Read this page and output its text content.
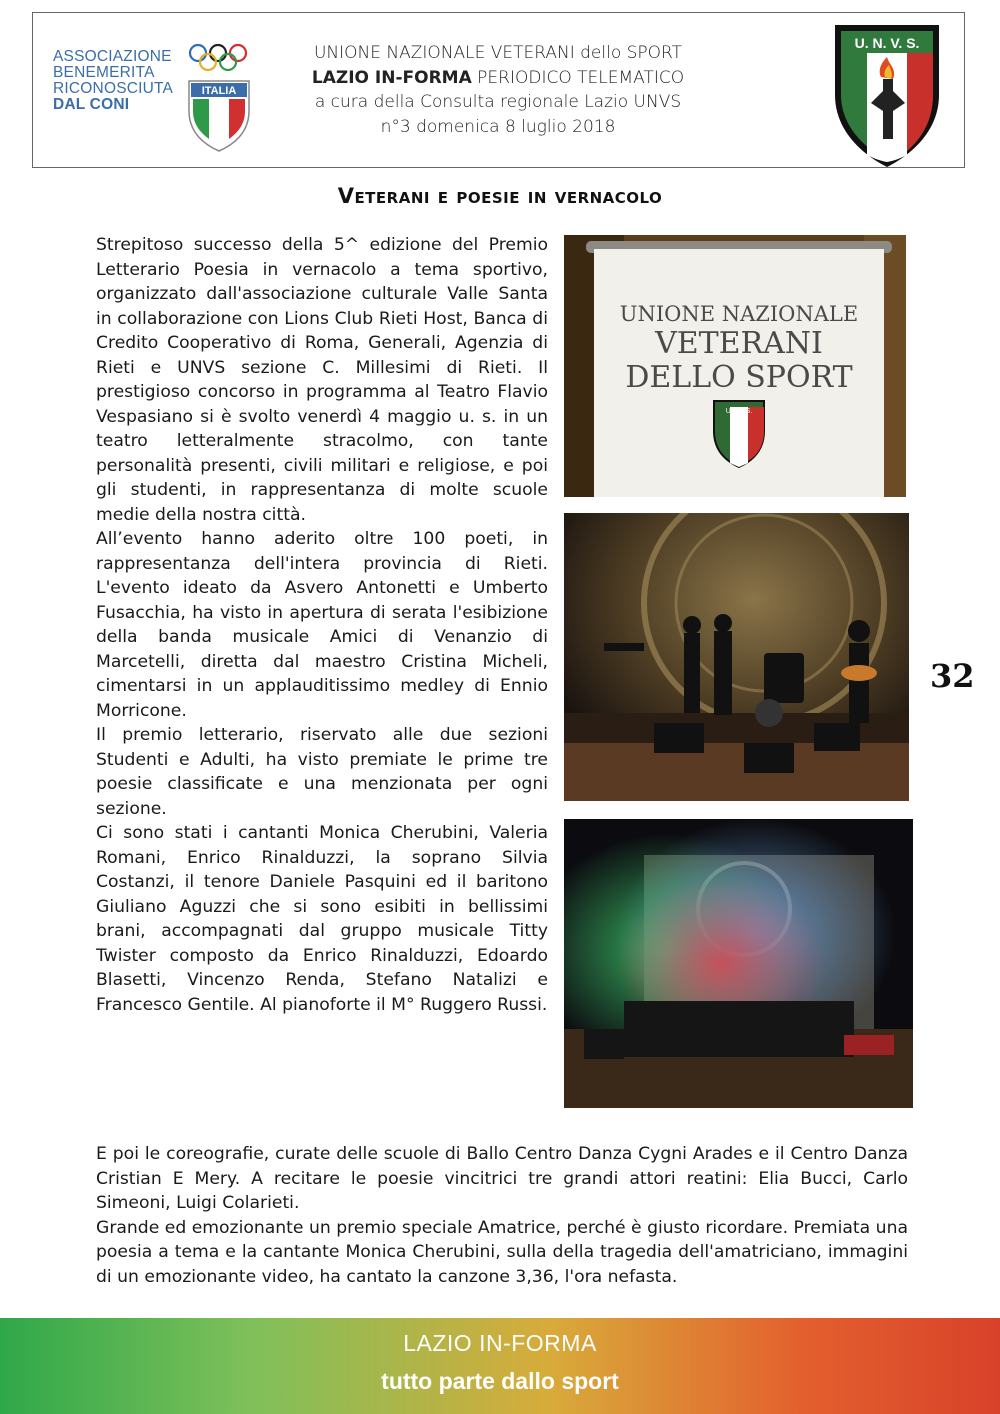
ASSOCIAZIONE
BENEMERITA
RICONOSCIUTA
DAL CONI
ITALIA
UNIONE NAZIONALE VETERANI dello SPORT
LAZIO IN-FORMA PERIODICO TELEMATICO
a cura della Consulta regionale Lazio UNVS
n°3 domenica 8 luglio 2018
U. N. V. S.
Veterani e poesie in vernacolo

Strepitoso successo della 5^ edizione del Premio Letterario Poesia in vernacolo a tema sportivo, organizzato dall'associazione culturale Valle Santa in collaborazione con Lions Club Rieti Host, Banca di Credito Cooperativo di Roma, Generali, Agenzia di Rieti e UNVS sezione C. Millesimi di Rieti. Il prestigioso concorso in programma al Teatro Flavio Vespasiano si è svolto venerdì 4 maggio u. s. in un teatro letteralmente stracolmo, con tante personalità presenti, civili militari e religiose, e poi gli studenti, in rappresentanza di molte scuole medie della nostra città.

All’evento hanno aderito oltre 100 poeti, in rappresentanza dell'intera provincia di Rieti. L'evento ideato da Asvero Antonetti e Umberto Fusacchia, ha visto in apertura di serata l'esibizione della banda musicale Amici di Venanzio di Marcetelli, diretta dal maestro Cristina Micheli, cimentarsi in un applauditissimo medley di Ennio Morricone.

Il premio letterario, riservato alle due sezioni Studenti e Adulti, ha visto premiate le prime tre poesie classificate e una menzionata per ogni sezione.

Ci sono stati i cantanti Monica Cherubini, Valeria Romani, Enrico Rinalduzzi, la soprano Silvia Costanzi, il tenore Daniele Pasquini ed il baritono Giuliano Aguzzi che si sono esibiti in bellissimi brani, accompagnati dal gruppo musicale Titty Twister composto da Enrico Rinalduzzi, Edoardo Blasetti, Vincenzo Renda, Stefano Natalizi e Francesco Gentile. Al pianoforte il M° Ruggero Russi.

UNIONE NAZIONALE
VETERANI
DELLO SPORT
U.N.V.S.
32

E poi le coreografie, curate delle scuole di Ballo Centro Danza Cygni Arades e il Centro Danza Cristian E Mery. A recitare le poesie vincitrici tre grandi attori reatini: Elia Bucci, Carlo Simeoni, Luigi Colarieti.

Grande ed emozionante un premio speciale Amatrice, perché è giusto ricordare. Premiata una poesia a tema e la cantante Monica Cherubini, sulla della tragedia dell'amatriciano, immagini di un emozionante video, ha cantato la canzone 3,36, l'ora nefasta.

LAZIO IN-FORMA
tutto parte dallo sport
